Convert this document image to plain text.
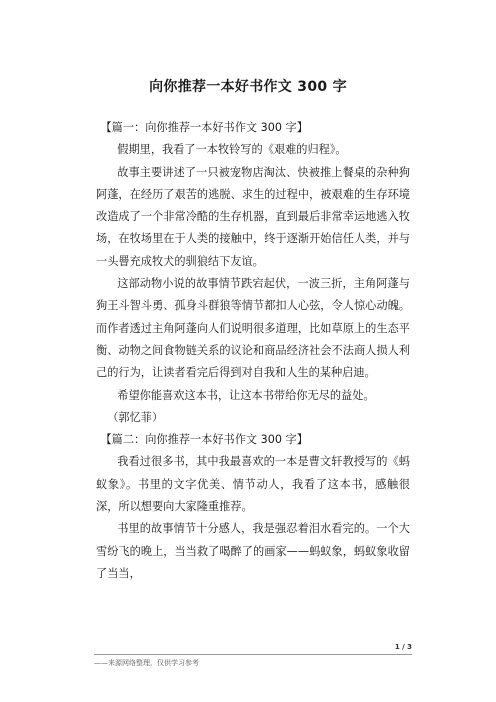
向你推荐一本好书作文 300 字

【篇一：向你推荐一本好书作文 300 字】

假期里，我看了一本牧铃写的《艰难的归程》。

故事主要讲述了一只被宠物店淘汰、快被推上餐桌的杂种狗阿蓬，在经历了艰苦的逃脱、求生的过程中，被艰难的生存环境改造成了一个非常冷酷的生存机器，直到最后非常幸运地逃入牧场，在牧场里在于人类的接触中，终于逐渐开始信任人类，并与一头罾充成牧犬的驯狼结下友谊。

这部动物小说的故事情节跌宕起伏，一波三折，主角阿蓬与狗王斗智斗勇、孤身斗群狼等情节都扣人心弦，令人惊心动魄。而作者透过主角阿蓬向人们说明很多道理，比如草原上的生态平衡、动物之间食物链关系的议论和商品经济社会不法商人损人利己的行为，让读者看完后得到对自我和人生的某种启迪。

希望你能喜欢这本书，让这本书带给你无尽的益处。

（郭忆菲）

【篇二：向你推荐一本好书作文 300 字】

我看过很多书，其中我最喜欢的一本是曹文轩教授写的《蚂蚁象》。书里的文字优美、情节动人，我看了这本书，感触很深，所以想要向大家隆重推荐。

书里的故事情节十分感人，我是强忍着泪水看完的。一个大雪纷飞的晚上，当当救了喝醉了的画家——蚂蚁象，蚂蚁象收留了当当，

1 / 3
——来源网络整理，仅供学习参考
